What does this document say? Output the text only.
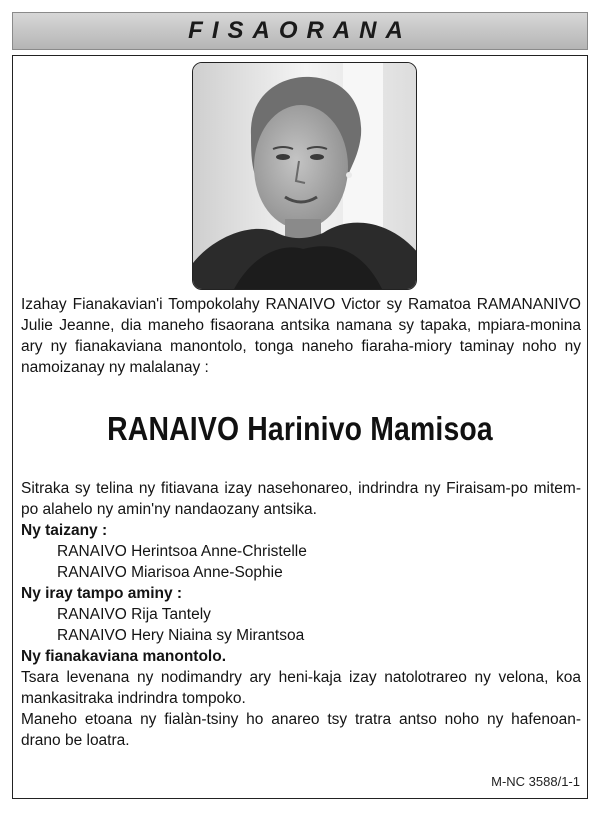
FISAORANA
Izahay Fianakavian'i Tompokolahy RANAIVO Victor sy Ramatoa RAMANANIVO Julie Jeanne, dia maneho fisaorana antsika namana sy tapaka, mpiara-monina ary ny fianakaviana manontolo, tonga naneho fiaraha-miory taminay noho ny namoizanay ny malalanay :
RANAIVO Harinivo Mamisoa
Sitraka sy telina ny fitiavana izay nasehonareo, indrindra ny Firaisam-po mitem-po alahelo ny amin'ny nandaozany antsika.
Ny taizany :
RANAIVO Herintsoa Anne-Christelle
RANAIVO Miarisoa Anne-Sophie
Ny iray tampo aminy :
RANAIVO Rija Tantely
RANAIVO Hery Niaina sy Mirantsoa
Ny fianakaviana manontolo.
Tsara levenana ny nodimandry ary heni-kaja izay natolotrareo ny velona, koa mankasitraka indrindra tompoko.
Maneho etoana ny fialàn-tsiny ho anareo tsy tratra antso noho ny hafenoan-drano be loatra.
M-NC 3588/1-1
